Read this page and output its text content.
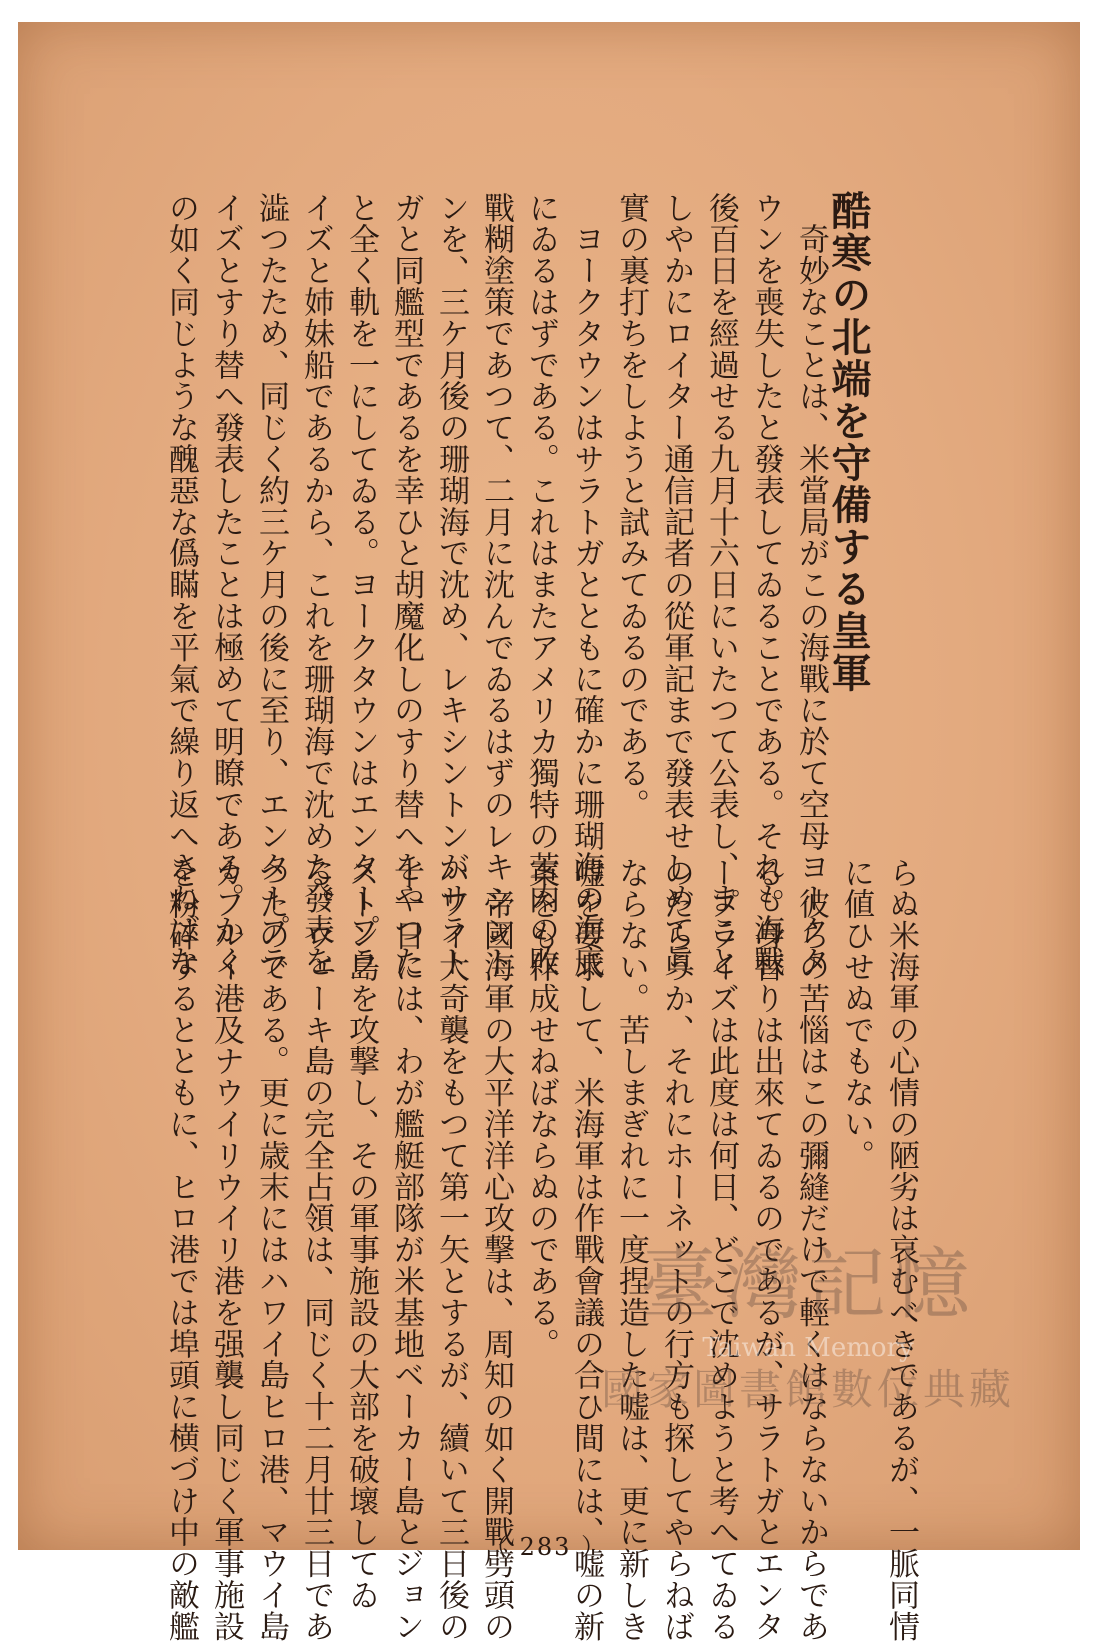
酷寒の北端を守備する皇軍
　奇妙なことは、米當局がこの海戰に於て空母ヨークタ
ウンを喪失したと發表してゐることである。それも海戰
後百日を經過せる九月十六日にいたつて公表し、まこと
しやかにロイター通信記者の從軍記まで發表せしめて眞
實の裏打ちをしようと試みてゐるのである。
　ヨークタウンはサラトガとともに確かに珊瑚海の海底
にゐるはずである。これはまたアメリカ獨特の苦肉の敗
戰糊塗策であつて、二月に沈んでゐるはずのレキシント
ンを、三ケ月後の珊瑚海で沈め、レキシントンがサラト
ガと同艦型であるを幸ひと胡魔化しのすり替へをやつた
と全く軌を一にしてゐる。ヨークタウンはエンタープラ
イズと姉妹船であるから、これを珊瑚海で沈めた發表を
澁つたため、同じく約三ケ月の後に至り、エンタープラ
イズとすり替へ發表したことは極めて明瞭である。かく
の如く同じような醜惡な僞瞞を平氣で繰り返へさねばな
らぬ米海軍の心情の陋劣は哀むべきであるが、一脈同情
に値ひせぬでもない。
　彼らの苦惱はこの彌縫だけで輕くはならないからであ
る。身替りは出來てゐるのであるが、サラトガとエンタ
ープライズは此度は何日、どこで沈めようと考へてゐる
のだらうか、それにホーネットの行方も探してやらねば
ならない。苦しまぎれに一度捏造した嘘は、更に新しき
嘘を要求して、米海軍は作戰會議の合ひ間には、嘘の新
案をも作成せねばならぬのである。
　帝國海軍の大平洋洋心攻撃は、周知の如く開戰劈頭の
ハワイ大奇襲をもつて第一矢とするが、續いて三日後の
十一日には、わが艦艇部隊が米基地ベーカー島とジョン
ストン島を攻撃し、その軍事施設の大部を破壞してゐ
る。ウェーキ島の完全占領は、同じく十二月廿三日であ
つたのである。更に歳末にはハワイ島ヒロ港、マウイ島
カフルイ港及ナウイリウイリ港を强襲し同じく軍事施設
を粉碎するとともに、ヒロ港では埠頭に横づけ中の敵艦	（ 283 ）
臺灣記憶
Taiwan Memory
國家圖書館數位典藏
